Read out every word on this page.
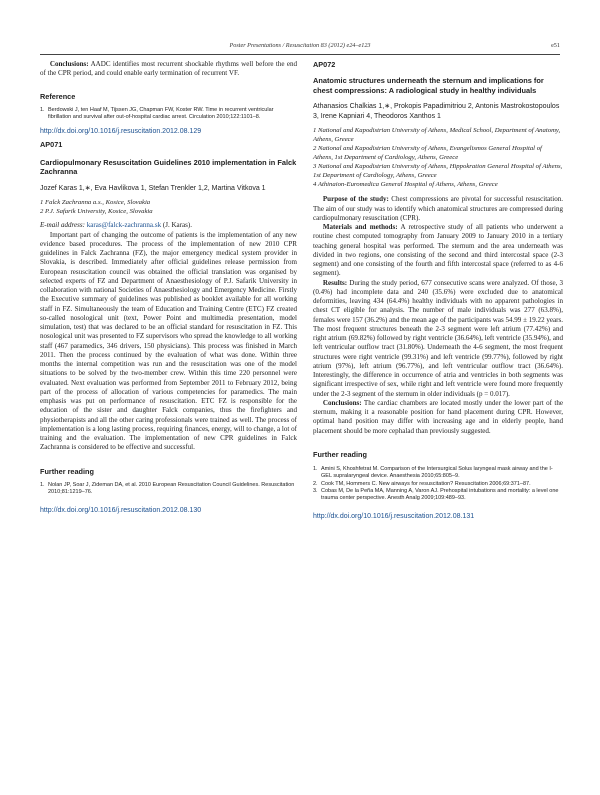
Poster Presentations / Resuscitation 83 (2012) e24–e123	e51

Conclusions: AADC identifies most recurrent shockable rhythms well before the end of the CPR period, and could enable early termination of recurrent VF.

Reference
1. Berdowski J, ten Haaf M, Tijssen JG, Chapman FW, Koster RW. Time in recurrent ventricular fibrillation and survival after out-of-hospital cardiac arrest. Circulation 2010;122:1101–8.
http://dx.doi.org/10.1016/j.resuscitation.2012.08.129
AP071
Cardiopulmonary Resuscitation Guidelines 2010 implementation in Falck Zachranna
Jozef Karas 1,∗, Eva Havlikova 1, Stefan Trenkler 1,2, Martina Vitkova 1
1 Falck Zachranna a.s., Kosice, Slovakia
2 P.J. Safarik University, Kosice, Slovakia
E-mail address: karas@falck-zachranna.sk (J. Karas).

Important part of changing the outcome of patients is the implementation of any new evidence based procedures. The process of the implementation of new 2010 CPR guidelines in Falck Zachranna (FZ), the major emergency medical system provider in Slovakia, is described. Immediately after official guidelines release permission from European resuscitation council was obtained the official translation was organised by selected experts of FZ and Department of Anaesthesiology of P.J. Safarik University in collaboration with national Societies of Anaesthesiology and Emergency Medicine. Firstly the Executive summary of guidelines was published as booklet available for all working staff in FZ. Simultaneously the team of Education and Training Centre (ETC) FZ created so-called nosological unit (text, Power Point and multimedia presentation, model simulation, test) that was declared to be an official standard for resuscitation in FZ. This nosological unit was presented to FZ supervisors who spread the knowledge to all working staff (467 paramedics, 346 drivers, 150 physicians). This process was finished in March 2011. Then the process continued by the evaluation of what was done. Within three months the internal competition was run and the resuscitation was one of the model situations to be solved by the two-member crew. Within this time 220 personnel were evaluated. Next evaluation was performed from September 2011 to February 2012, being part of the process of allocation of various competencies for paramedics. The main emphasis was put on performance of resuscitation. ETC FZ is responsible for the education of the sister and daughter Falck companies, thus the firefighters and physiotherapists and all the other caring professionals were trained as well. The process of implementation is a long lasting process, requiring finances, energy, will to change, a lot of training and the evaluation. The implementation of new CPR guidelines in Falck Zachranna is considered to be effective and successful.

Further reading
1. Nolan JP, Soar J, Zideman DA, et al. 2010 European Resuscitation Council Guidelines. Resuscitation 2010;81:1219–76.
http://dx.doi.org/10.1016/j.resuscitation.2012.08.130
AP072
Anatomic structures underneath the sternum and implications for chest compressions: A radiological study in healthy individuals
Athanasios Chalkias 1,∗, Prokopis Papadimitriou 2, Antonis Mastrokostopoulos 3, Irene Kapniari 4, Theodoros Xanthos 1
1 National and Kapodistrian University of Athens, Medical School, Department of Anatomy, Athens, Greece
2 National and Kapodistrian University of Athens, Evangelismos General Hospital of Athens, 1st Department of Cardiology, Athens, Greece
3 National and Kapodistrian University of Athens, Hippokration General Hospital of Athens, 1st Department of Cardiology, Athens, Greece
4 Athinaion-Euromedica General Hospital of Athens, Athens, Greece

Purpose of the study: Chest compressions are pivotal for successful resuscitation. The aim of our study was to identify which anatomical structures are compressed during cardiopulmonary resuscitation (CPR).

Materials and methods: A retrospective study of all patients who underwent a routine chest computed tomography from January 2009 to January 2010 in a tertiary teaching general hospital was performed. The sternum and the area underneath was divided in two regions, one consisting of the second and third intercostal space (2-3 segment) and one consisting of the fourth and fifth intercostal space (referred to as 4-6 segment).

Results: During the study period, 677 consecutive scans were analyzed. Of those, 3 (0.4%) had incomplete data and 240 (35.6%) were excluded due to anatomical deformities, leaving 434 (64.4%) healthy individuals with no apparent pathologies in chest CT eligible for analysis. The number of male individuals was 277 (63.8%), females were 157 (36.2%) and the mean age of the participants was 54.99 ± 19.22 years. The most frequent structures beneath the 2-3 segment were left atrium (77.42%) and right atrium (69.82%) followed by right ventricle (36.64%), left ventricle (35.94%), and left ventricular outflow tract (31.80%). Underneath the 4-6 segment, the most frequent structures were right ventricle (99.31%) and left ventricle (99.77%), followed by right atrium (97%), left atrium (96.77%), and left ventricular outflow tract (36.64%). Interestingly, the difference in occurrence of atria and ventricles in both segments was significant irrespective of sex, while right and left ventricle were found more frequently under the 2-3 segment of the sternum in older individuals (p = 0.017).

Conclusions: The cardiac chambers are located mostly under the lower part of the sternum, making it a reasonable position for hand placement during CPR. However, optimal hand position may differ with increasing age and in elderly people, hand placement should be more cephalad than previously suggested.

Further reading
1. Amini S, Khoshfetrat M. Comparison of the Intersurgical Solus laryngeal mask airway and the I-GEL supralaryngeal device. Anaesthesia 2010;65:805–9.
2. Cook TM, Hommers C. New airways for resuscitation? Resuscitation 2006;69:371–87.
3. Cobas M, De la Peña MA, Manning A, Varon AJ. Prehospital intubations and mortality: a level one trauma center perspective. Anesth Analg 2009;109:489–93.
http://dx.doi.org/10.1016/j.resuscitation.2012.08.131
